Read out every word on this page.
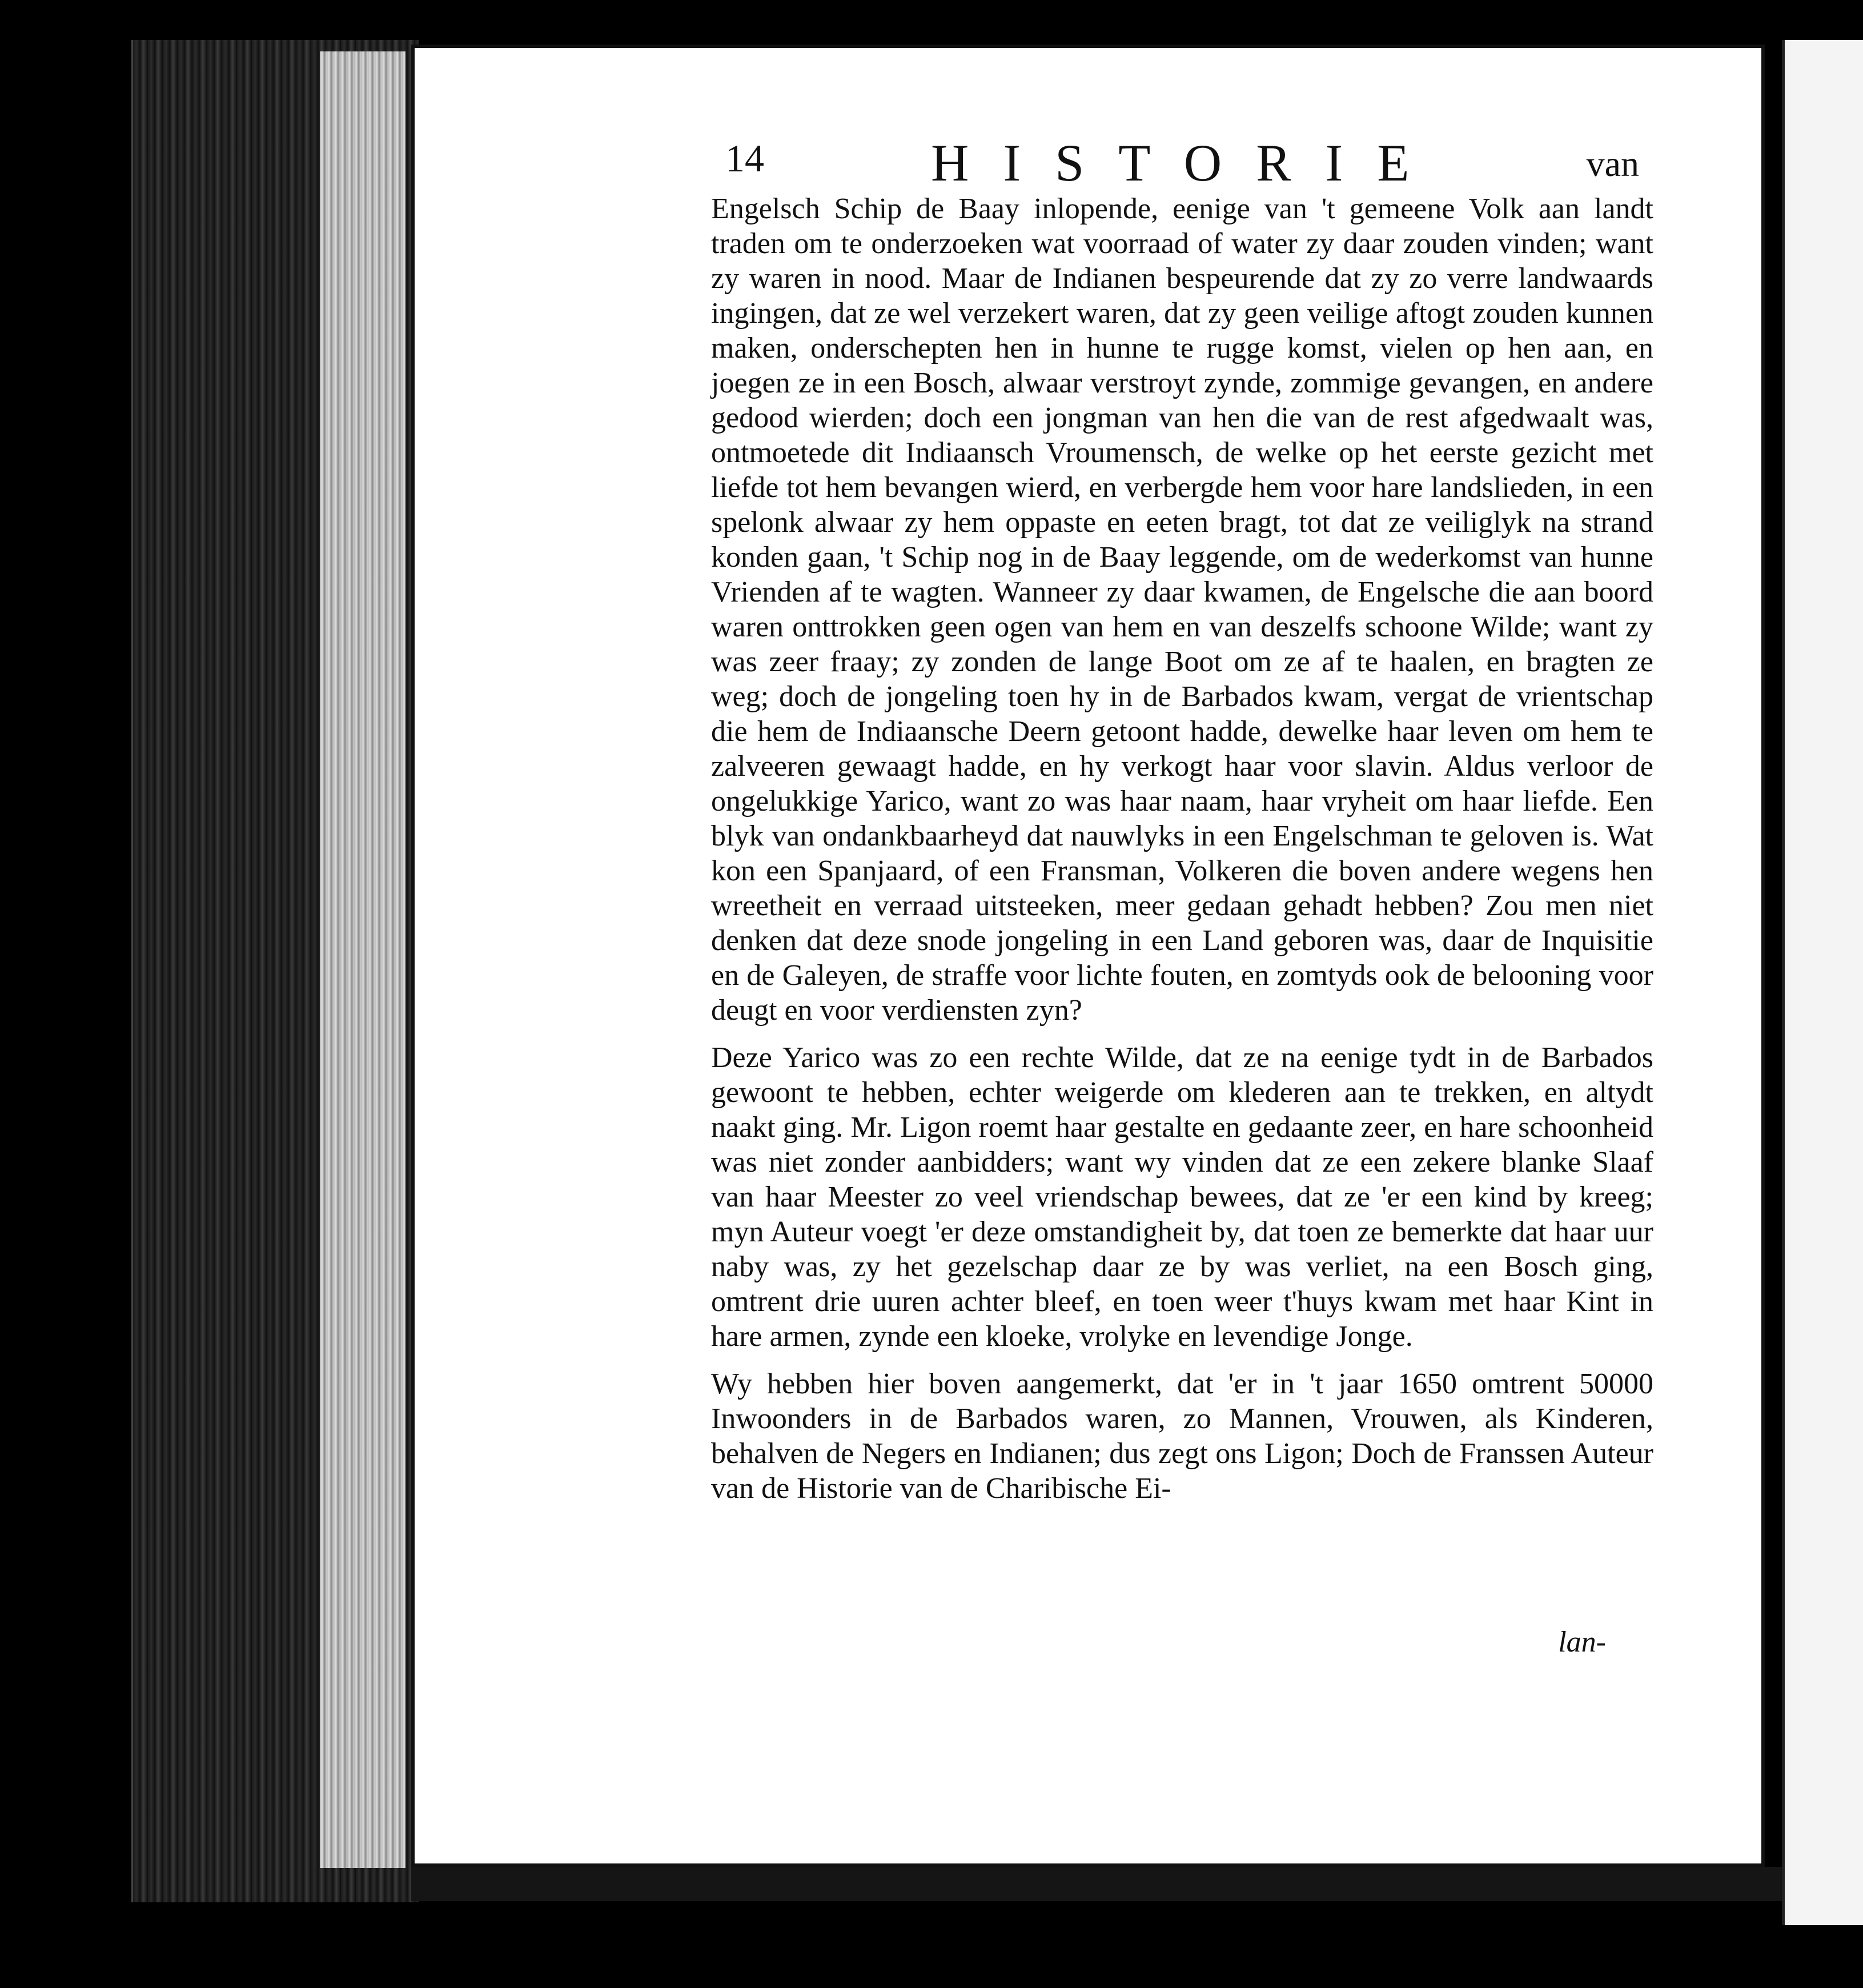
14	HISTORIE	van

Engelsch Schip de Baay inlopende, eenige van 't gemeene Volk aan landt traden om te onderzoeken wat voorraad of water zy daar zouden vinden; want zy waren in nood. Maar de Indianen bespeurende dat zy zo verre landwaards ingingen, dat ze wel verzekert waren, dat zy geen veilige aftogt zouden kunnen maken, onderschepten hen in hunne te rugge komst, vielen op hen aan, en joegen ze in een Bosch, alwaar verstroyt zynde, zommige gevangen, en andere gedood wierden; doch een jongman van hen die van de rest afgedwaalt was, ontmoetede dit Indiaansch Vroumensch, de welke op het eerste gezicht met liefde tot hem bevangen wierd, en verbergde hem voor hare landslieden, in een spelonk alwaar zy hem oppaste en eeten bragt, tot dat ze veiliglyk na strand konden gaan, 't Schip nog in de Baay leggende, om de wederkomst van hunne Vrienden af te wagten. Wanneer zy daar kwamen, de Engelsche die aan boord waren onttrokken geen ogen van hem en van deszelfs schoone Wilde; want zy was zeer fraay; zy zonden de lange Boot om ze af te haalen, en bragten ze weg; doch de jongeling toen hy in de Barbados kwam, vergat de vrientschap die hem de Indiaansche Deern getoont hadde, dewelke haar leven om hem te zalveeren gewaagt hadde, en hy verkogt haar voor slavin. Aldus verloor de ongelukkige Yarico, want zo was haar naam, haar vryheit om haar liefde. Een blyk van ondankbaarheyd dat nauwlyks in een Engelschman te geloven is. Wat kon een Spanjaard, of een Fransman, Volkeren die boven andere wegens hen wreetheit en verraad uitsteeken, meer gedaan gehadt hebben? Zou men niet denken dat deze snode jongeling in een Land geboren was, daar de Inquisitie en de Galeyen, de straffe voor lichte fouten, en zomtyds ook de belooning voor deugt en voor verdiensten zyn?

Deze Yarico was zo een rechte Wilde, dat ze na eenige tydt in de Barbados gewoont te hebben, echter weigerde om klederen aan te trekken, en altydt naakt ging. Mr. Ligon roemt haar gestalte en gedaante zeer, en hare schoonheid was niet zonder aanbidders; want wy vinden dat ze een zekere blanke Slaaf van haar Meester zo veel vriendschap bewees, dat ze 'er een kind by kreeg; myn Auteur voegt 'er deze omstandigheit by, dat toen ze bemerkte dat haar uur naby was, zy het gezelschap daar ze by was verliet, na een Bosch ging, omtrent drie uuren achter bleef, en toen weer t'huys kwam met haar Kint in hare armen, zynde een kloeke, vrolyke en levendige Jonge.

Wy hebben hier boven aangemerkt, dat 'er in 't jaar 1650 omtrent 50000 Inwoonders in de Barbados waren, zo Mannen, Vrouwen, als Kinderen, behalven de Negers en Indianen; dus zegt ons Ligon; Doch de Franssen Auteur van de Historie van de Charibische Ei-

lan-
